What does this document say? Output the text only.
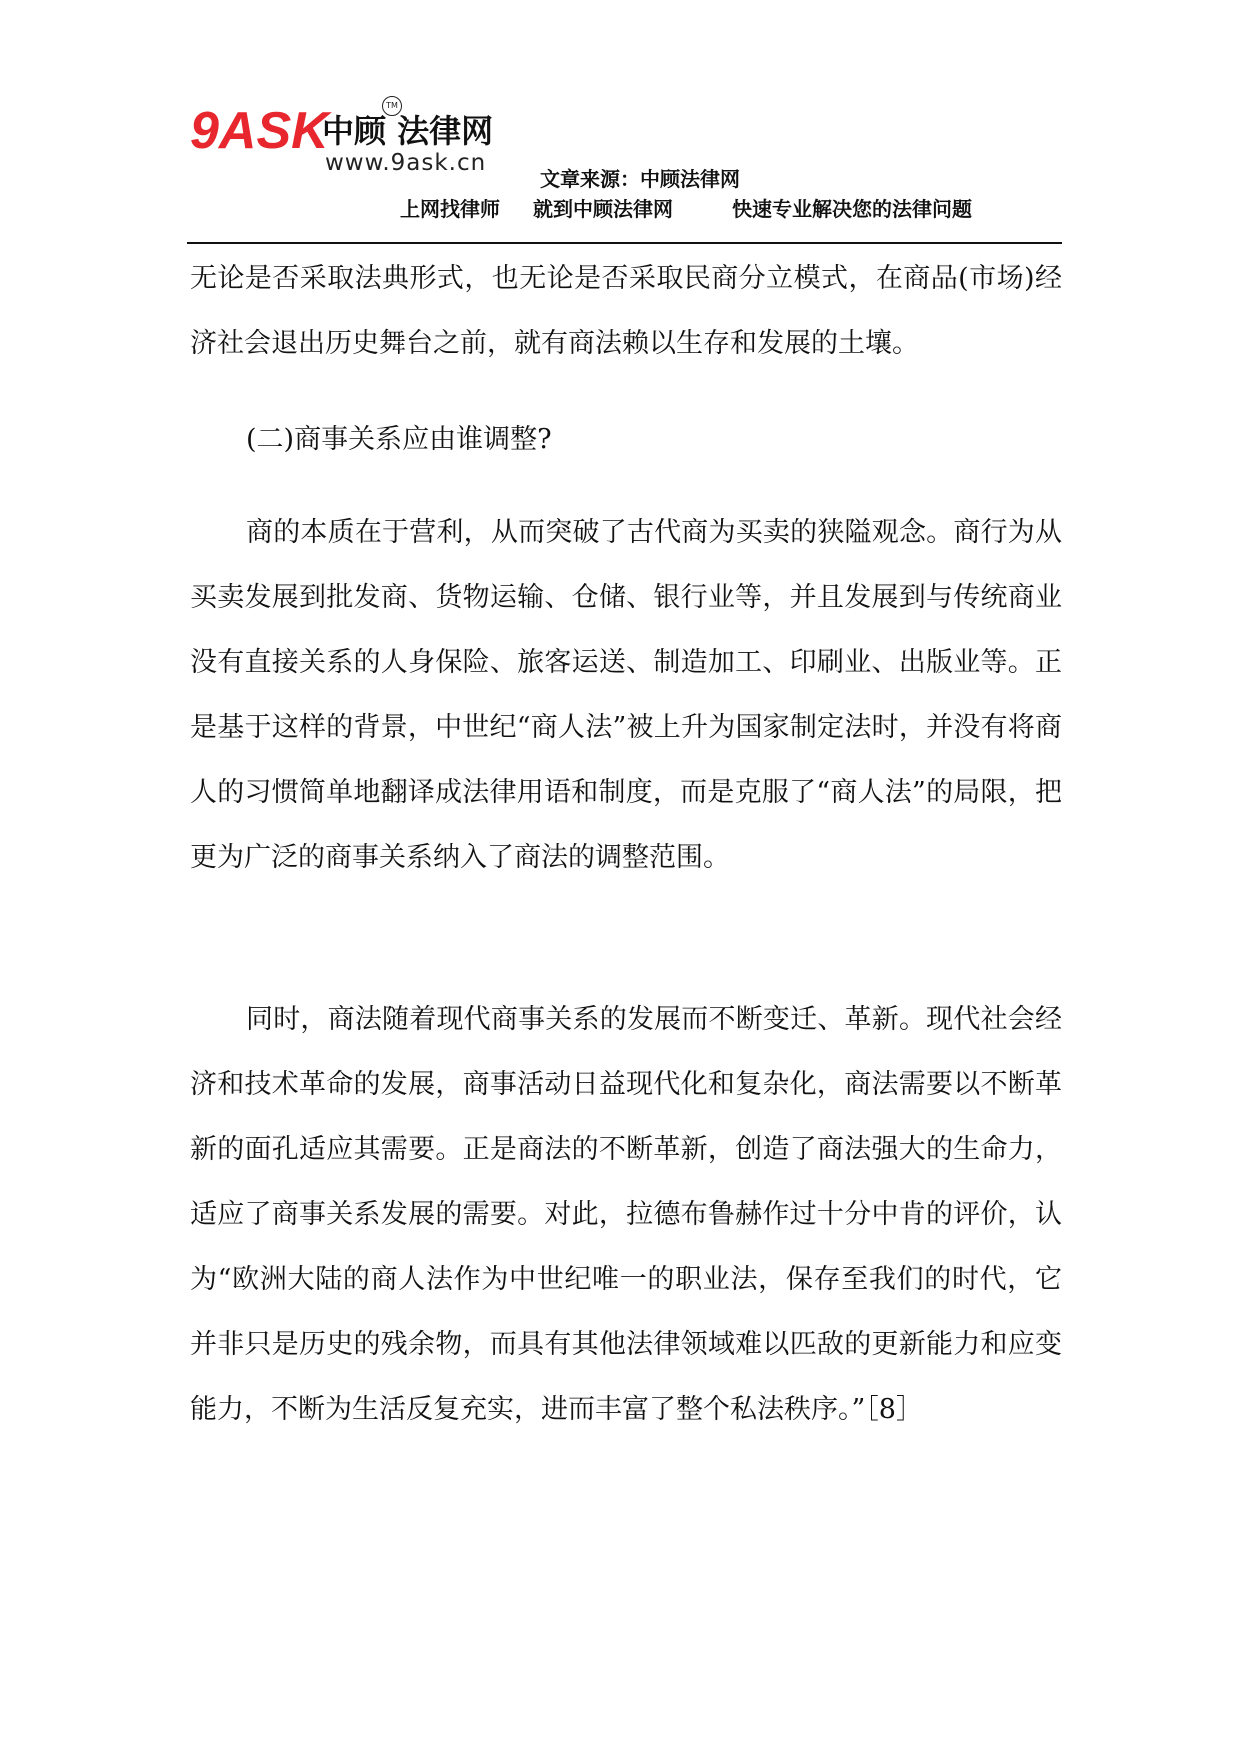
9ASK
中顾 法律网
TM
www.9ask.cn
文章来源：中顾法律网
上网找律师 就到中顾法律网	快速专业解决您的法律问题
无论是否采取法典形式，也无论是否采取民商分立模式，在商品(市场)经济社会退出历史舞台之前，就有商法赖以生存和发展的土壤。
(二)商事关系应由谁调整?
商的本质在于营利，从而突破了古代商为买卖的狭隘观念。商行为从买卖发展到批发商、货物运输、仓储、银行业等，并且发展到与传统商业没有直接关系的人身保险、旅客运送、制造加工、印刷业、出版业等。正是基于这样的背景，中世纪“商人法”被上升为国家制定法时，并没有将商人的习惯简单地翻译成法律用语和制度，而是克服了“商人法”的局限，把更为广泛的商事关系纳入了商法的调整范围。
同时，商法随着现代商事关系的发展而不断变迁、革新。现代社会经济和技术革命的发展，商事活动日益现代化和复杂化，商法需要以不断革新的面孔适应其需要。正是商法的不断革新，创造了商法强大的生命力，适应了商事关系发展的需要。对此，拉德布鲁赫作过十分中肯的评价，认为“欧洲大陆的商人法作为中世纪唯一的职业法，保存至我们的时代，它并非只是历史的残余物，而具有其他法律领域难以匹敌的更新能力和应变能力，不断为生活反复充实，进而丰富了整个私法秩序。”［8］
